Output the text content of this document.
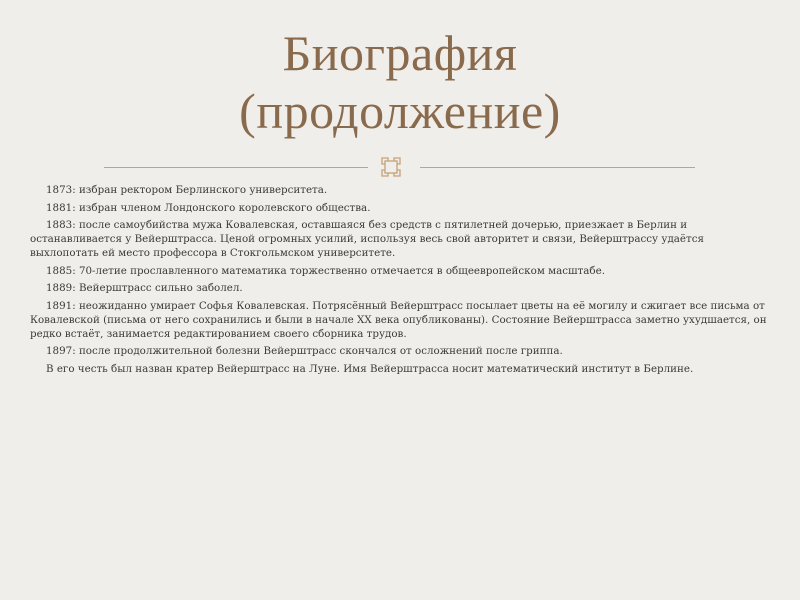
Биография
(продолжение)

1873: избран ректором Берлинского университета.

1881: избран членом Лондонского королевского общества.

1883: после самоубийства мужа Ковалевская, оставшаяся без средств с пятилетней дочерью, приезжает в Берлин и останавливается у Вейерштрасса. Ценой огромных усилий, используя весь свой авторитет и связи, Вейерштрассу удаётся выхлопотать ей место профессора в Стокгольмском университете.

1885: 70-летие прославленного математика торжественно отмечается в общеевропейском масштабе.

1889: Вейерштрасс сильно заболел.

1891: неожиданно умирает Софья Ковалевская. Потрясённый Вейерштрасс посылает цветы на её могилу и сжигает все письма от Ковалевской (письма от него сохранились и были в начале XX века опубликованы). Состояние Вейерштрасса заметно ухудшается, он редко встаёт, занимается редактированием своего сборника трудов.

1897: после продолжительной болезни Вейерштрасс скончался от осложнений после гриппа.

В его честь был назван кратер Вейерштрасс на Луне. Имя Вейерштрасса носит математический институт в Берлине.
